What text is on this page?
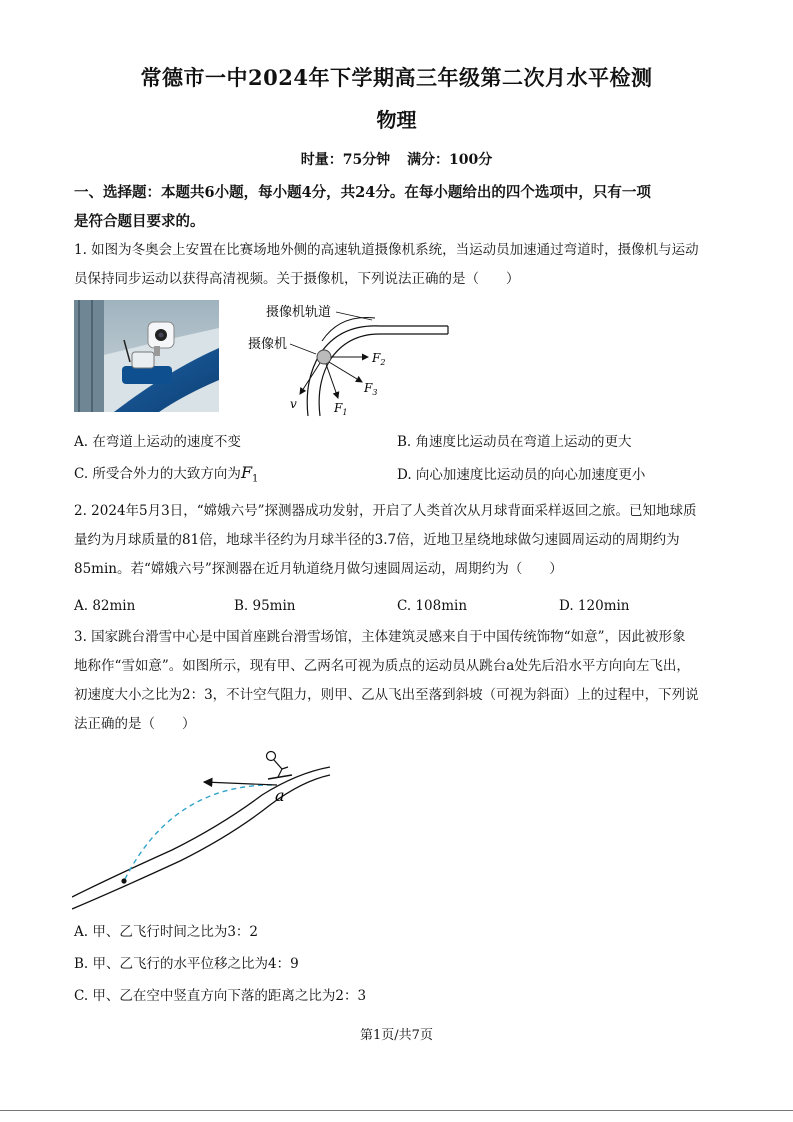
常德市一中2024年下学期高三年级第二次月水平检测
物理
时量：75分钟 满分：100分
一、选择题：本题共6小题，每小题4分，共24分。在每小题给出的四个选项中，只有一项
是符合题目要求的。
1. 如图为冬奥会上安置在比赛场地外侧的高速轨道摄像机系统，当运动员加速通过弯道时，摄像机与运动
员保持同步运动以获得高清视频。关于摄像机，下列说法正确的是（　　）
摄像机轨道
摄像机
$F_2$
$F_3$
$F_1$
v
A. 在弯道上运动的速度不变	B. 角速度比运动员在弯道上运动的更大
C. 所受合外力的大致方向为$F_1$	D. 向心加速度比运动员的向心加速度更小
2. 2024年5月3日，“嫦娥六号”探测器成功发射，开启了人类首次从月球背面采样返回之旅。已知地球质
量约为月球质量的81倍，地球半径约为月球半径的3.7倍，近地卫星绕地球做匀速圆周运动的周期约为
85min。若“嫦娥六号”探测器在近月轨道绕月做匀速圆周运动，周期约为（　　）
A. 82min	B. 95min	C. 108min	D. 120min
3. 国家跳台滑雪中心是中国首座跳台滑雪场馆，主体建筑灵感来自于中国传统饰物“如意”，因此被形象
地称作“雪如意”。如图所示，现有甲、乙两名可视为质点的运动员从跳台a处先后沿水平方向向左飞出，
初速度大小之比为2：3，不计空气阻力，则甲、乙从飞出至落到斜坡（可视为斜面）上的过程中，下列说
法正确的是（　　）
a
A. 甲、乙飞行时间之比为3：2
B. 甲、乙飞行的水平位移之比为4：9
C. 甲、乙在空中竖直方向下落的距离之比为2：3
第1页/共7页
